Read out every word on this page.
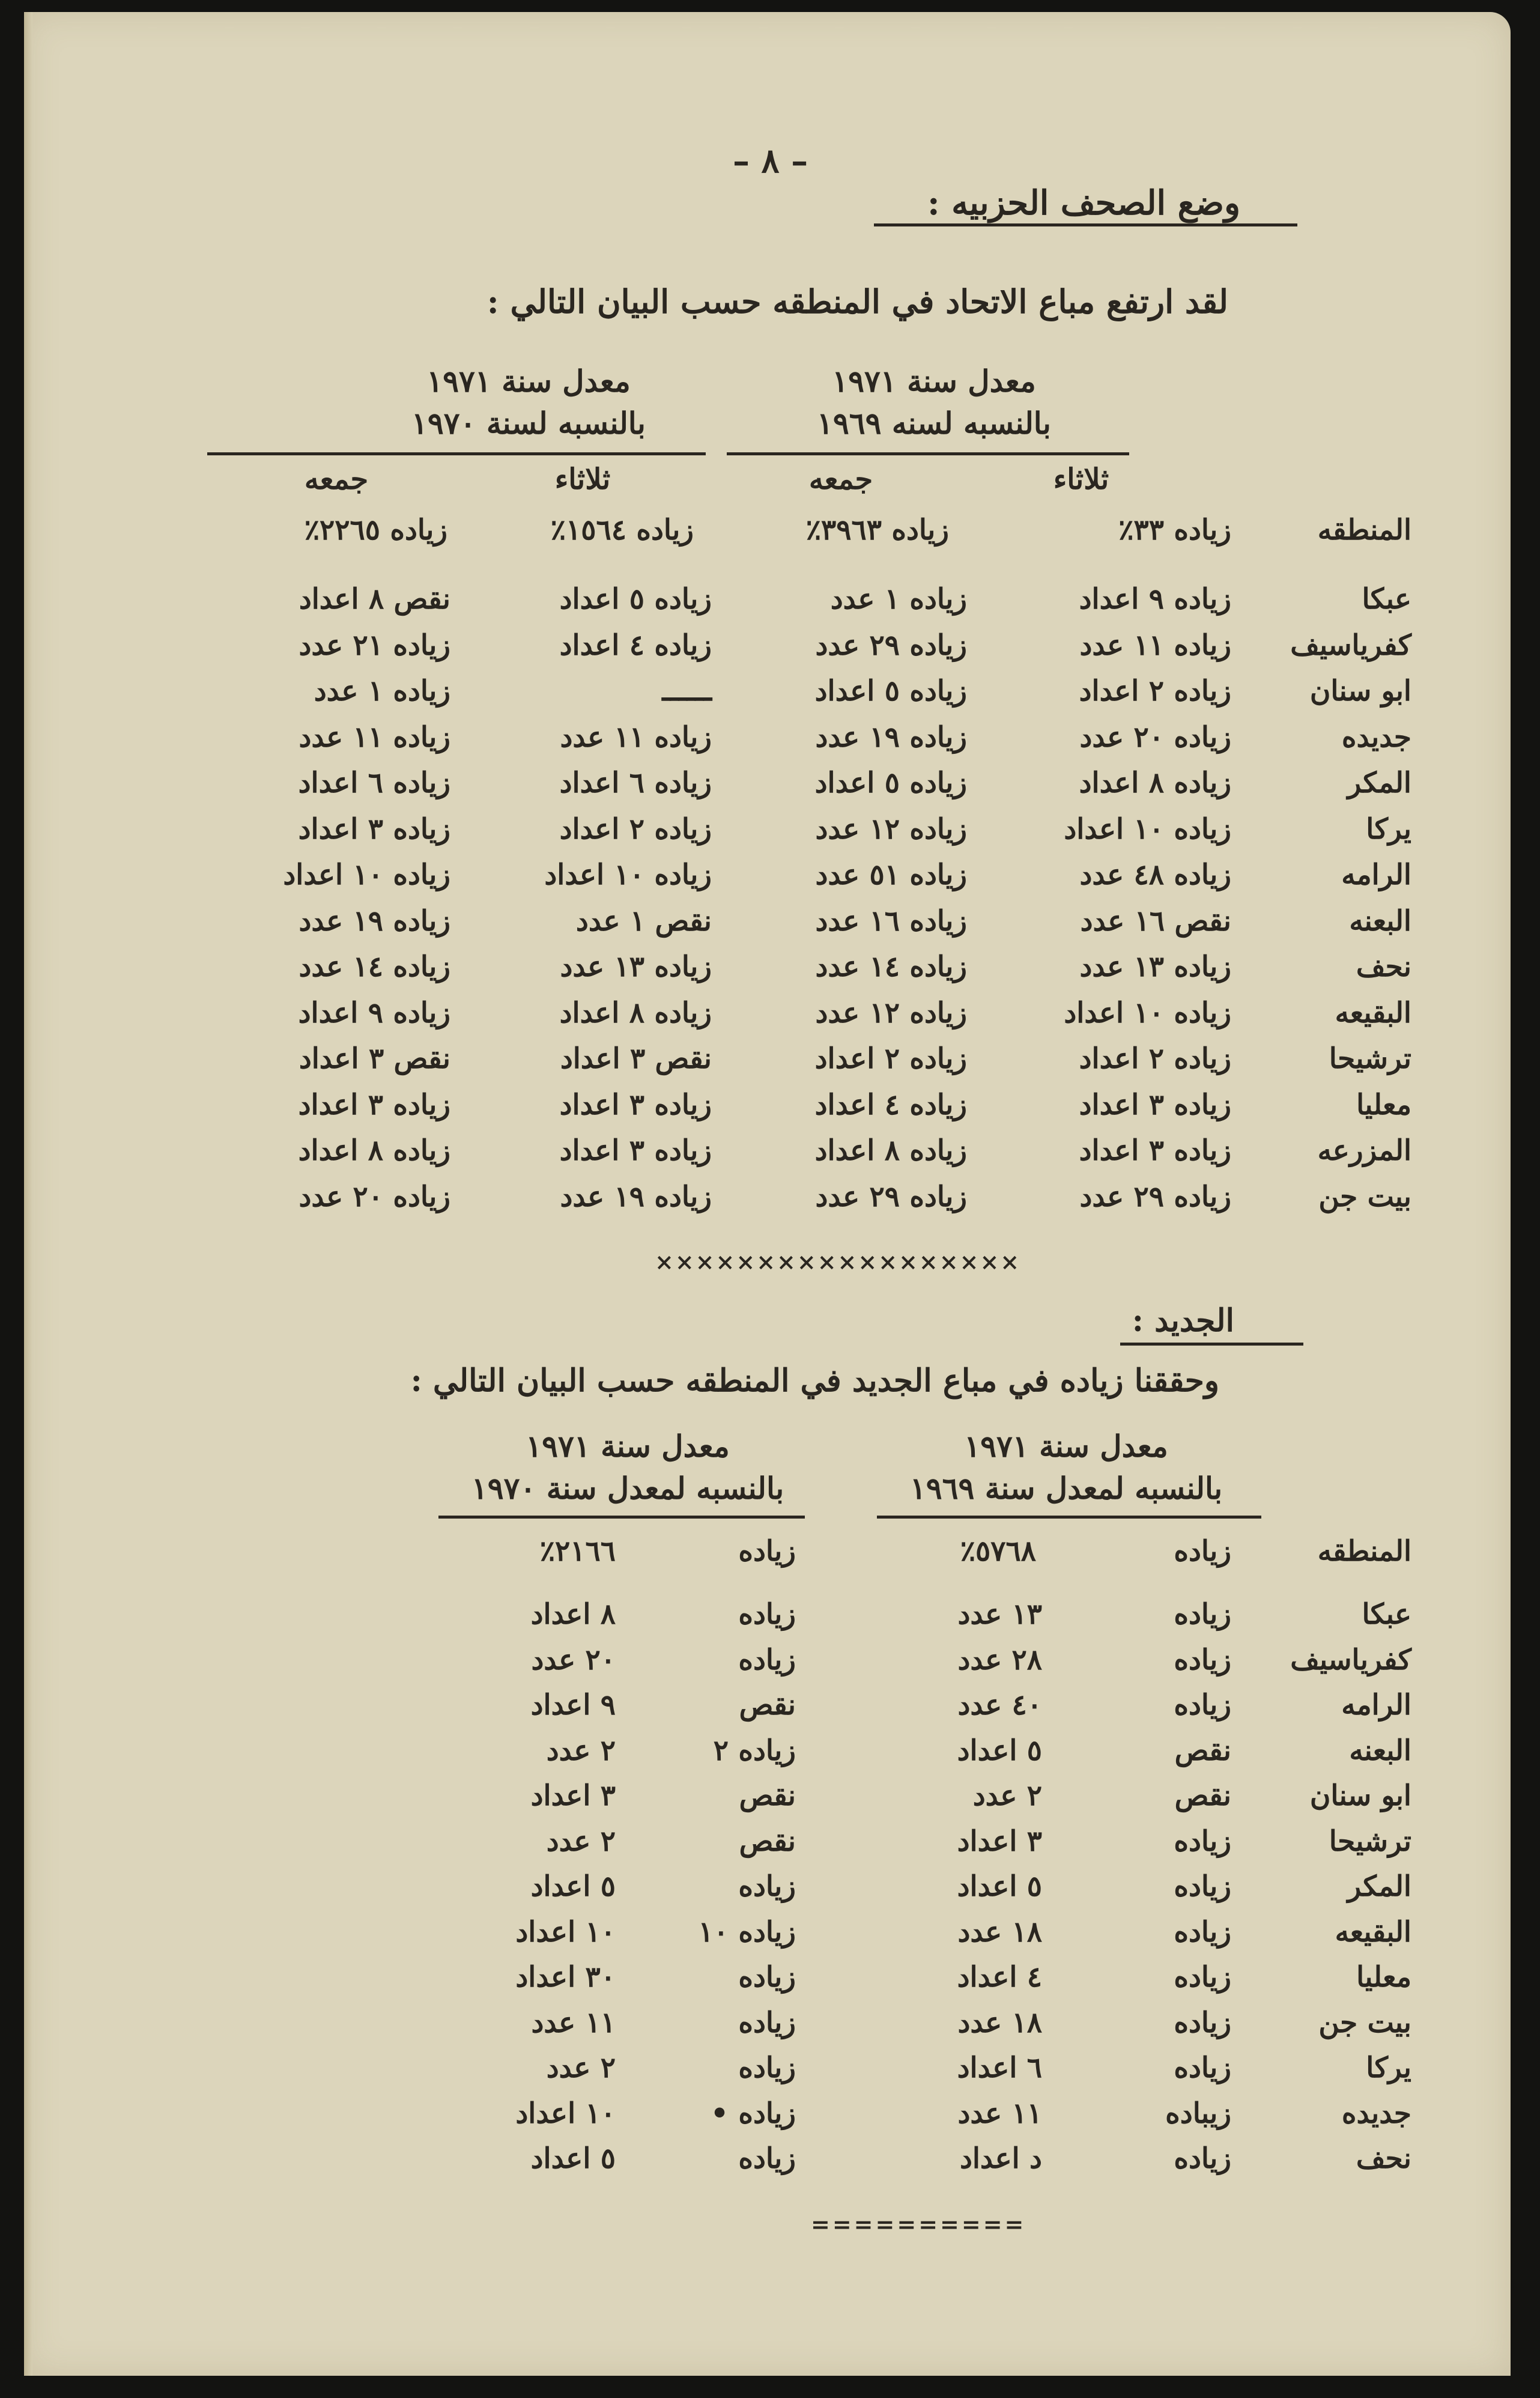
– ٨ –
وضع الصحف الحزبيه :
لقد ارتفع مباع الاتحاد في المنطقه حسب البيان التالي :
معدل سنة ١٩٧١
بالنسبه لسنه ١٩٦٩
معدل سنة ١٩٧١
بالنسبه لسنة ١٩٧٠
ثلاثاء
جمعه
ثلاثاء
جمعه
المنطقه
زياده ٣٣٪
زياده ٣٩٦٣٪
زياده ١٥٦٤٪
زياده ٢٢٦٥٪
عبكا
زياده ٩ اعداد
زياده ١ عدد
زياده ٥ اعداد
نقص ٨ اعداد
كفرياسيف
زياده ١١ عدد
زياده ٢٩ عدد
زياده ٤ اعداد
زياده ٢١ عدد
ابو سنان
زياده ٢ اعداد
زياده ٥ اعداد
ــــــ
زياده ١ عدد
جديده
زياده ٢٠ عدد
زياده ١٩ عدد
زياده ١١ عدد
زياده ١١ عدد
المكر
زياده ٨ اعداد
زياده ٥ اعداد
زياده ٦ اعداد
زياده ٦ اعداد
يركا
زياده ١٠ اعداد
زياده ١٢ عدد
زياده ٢ اعداد
زياده ٣ اعداد
الرامه
زياده ٤٨ عدد
زياده ٥١ عدد
زياده ١٠ اعداد
زياده ١٠ اعداد
البعنه
نقص ١٦ عدد
زياده ١٦ عدد
نقص ١ عدد
زياده ١٩ عدد
نحف
زياده ١٣ عدد
زياده ١٤ عدد
زياده ١٣ عدد
زياده ١٤ عدد
البقيعه
زياده ١٠ اعداد
زياده ١٢ عدد
زياده ٨ اعداد
زياده ٩ اعداد
ترشيحا
زياده ٢ اعداد
زياده ٢ اعداد
نقص ٣ اعداد
نقص ٣ اعداد
معليا
زياده ٣ اعداد
زياده ٤ اعداد
زياده ٣ اعداد
زياده ٣ اعداد
المزرعه
زياده ٣ اعداد
زياده ٨ اعداد
زياده ٣ اعداد
زياده ٨ اعداد
بيت جن
زياده ٢٩ عدد
زياده ٢٩ عدد
زياده ١٩ عدد
زياده ٢٠ عدد
××××××××××××××××××
الجديد :
وحققنا زياده في مباع الجديد في المنطقه حسب البيان التالي :
معدل سنة ١٩٧١
بالنسبه لمعدل سنة ١٩٦٩
معدل سنة ١٩٧١
بالنسبه لمعدل سنة ١٩٧٠
المنطقه
زياده
٥٧٦٨٪
زياده
٢١٦٦٪
عبكا
زياده
١٣ عدد
زياده
٨ اعداد
كفرياسيف
زياده
٢٨ عدد
زياده
٢٠ عدد
الرامه
زياده
٤٠ عدد
نقص
٩ اعداد
البعنه
نقص
٥ اعداد
زياده ٢
٢ عدد
ابو سنان
نقص
٢ عدد
نقص
٣ اعداد
ترشيحا
زياده
٣ اعداد
نقص
٢ عدد
المكر
زياده
٥ اعداد
زياده
٥ اعداد
البقيعه
زياده
١٨ عدد
زياده ١٠
١٠ اعداد
معليا
زياده
٤ اعداد
زياده
٣٠ اعداد
بيت جن
زياده
١٨ عدد
زياده
١١ عدد
يركا
زياده
٦ اعداد
زياده
٢ عدد
جديده
زيباده
١١ عدد
زياده •
١٠ اعداد
نحف
زياده
د اعداد
زياده
٥ اعداد
==========
